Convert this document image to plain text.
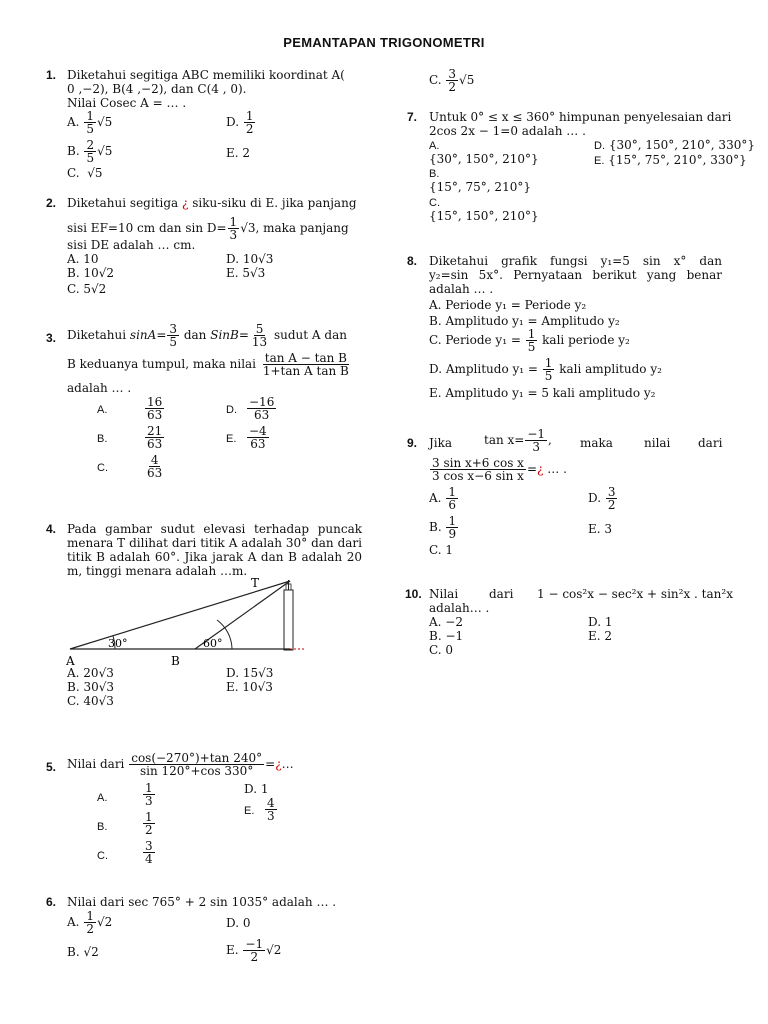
PEMANTAPAN TRIGONOMETRI
1. Diketahui segitiga ABC memiliki koordinat A(
0 ,−2), B(4 ,−2), dan C(4 , 0).
Nilai Cosec A = … .
A. $\frac{1}{5} √5$	D. $\frac{1}{2}$
B. $\frac{2}{5} √5$	E. 2
C. √5
2. Diketahui segitiga ¿ siku-siku di E. jika panjang
sisi EF=10 cm dan $\sin D= \frac{1}{3} √3$, maka panjang
sisi DE adalah … cm.
A. 10
B. 10√2
C. 5√2
D. 10√3
E. 5√3
3. Diketahui $\sin A= \frac{3}{5}$ dan SinB= $\frac{5}{13}$ sudut A dan
B keduanya tumpul, maka nilai $\frac{\text{tan A − tan B}}{\text{1+tan A tan B}}$
adalah … .
A.	$\frac{16}{63}$
B.	$\frac{21}{63}$
C.	$\frac{4}{63}$
D. $\frac{-16}{63}$
E. $\frac{-4}{63}$
4. Pada gambar sudut elevasi terhadap puncak
menara T dilihat dari titik A adalah 30° dan dari
titik B adalah 60°. Jika jarak A dan B adalah 20
m, tinggi menara adalah …m.
T
A	B
30°	60°
A. 20√3
B. 30√3
C. 40√3
D. 15√3
E. 10√3
5. Nilai dari $\frac{\cos(-270^\circ)+\tan 240^\circ}{\sin 120^\circ+\cos 330^\circ}$ =¿…
A.	$\frac{1}{3}$
B.	$\frac{1}{2}$
C.	$\frac{3}{4}$
D. 1
E. $\frac{4}{3}$
6. Nilai dari sec 765° + 2 sin 1035° adalah … .
A. $\frac{1}{2} √2$	D. 0
B. √2	E. $\frac{-1}{2} √2$
C. $\frac{3}{2} √5$
7. Untuk 0° ≤ x ≤ 360° himpunan penyelesaian dari
2cos 2x − 1=0 adalah … .
A.
{30°, 150°, 210°}
B.
{15°, 75°, 210°}
C.
{15°, 150°, 210°}
D. {30°, 150°, 210°, 330°}
E. {15°, 75°, 210°, 330°}
8. Diketahui grafik fungsi y₁=5 sin x° dan
y₂=sin 5x°. Pernyataan berikut yang benar
adalah … .
A. Periode y₁ = Periode y₂
B. Amplitudo y₁ = Amplitudo y₂
C. Periode $y_1 = \frac{1}{5}$ kali periode y₂
D. Amplitudo $y_1 = \frac{1}{5}$ kali amplitudo y₂
E. Amplitudo y₁ = 5 kali amplitudo y₂
9. Jika	$\tan x= \frac{-1}{3}$ , maka	nilai dari
$\frac{\text{3 sin x+6 cos x}}{\text{3 cos x−6 sin x}}$ =¿ … .
A. $\frac{1}{6}$
B. $\frac{1}{9}$
C. 1
D. $\frac{3}{2}$
E. 3
10. Nilai	dari 1 − cos²x − sec²x + sin²x . tan²x
adalah… .
A. −2
B. −1
C. 0
D. 1
E. 2
